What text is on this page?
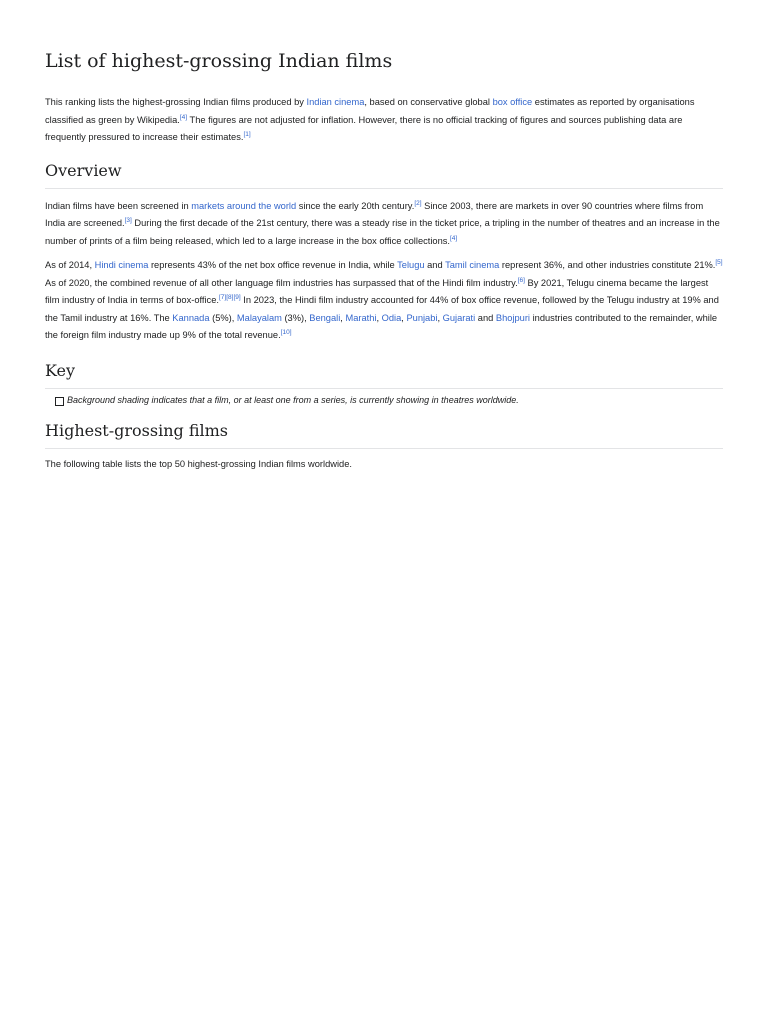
List of highest-grossing Indian films

This ranking lists the highest-grossing Indian films produced by Indian cinema, based on conservative global box office estimates as reported by organisations classified as green by Wikipedia.[4] The figures are not adjusted for inflation. However, there is no official tracking of figures and sources publishing data are frequently pressured to increase their estimates.[1]

Overview

Indian films have been screened in markets around the world since the early 20th century.[2] Since 2003, there are markets in over 90 countries where films from India are screened.[3] During the first decade of the 21st century, there was a steady rise in the ticket price, a tripling in the number of theatres and an increase in the number of prints of a film being released, which led to a large increase in the box office collections.[4]

As of 2014, Hindi cinema represents 43% of the net box office revenue in India, while Telugu and Tamil cinema represent 36%, and other industries constitute 21%.[5] As of 2020, the combined revenue of all other language film industries has surpassed that of the Hindi film industry.[6] By 2021, Telugu cinema became the largest film industry of India in terms of box-office.[7][8][9] In 2023, the Hindi film industry accounted for 44% of box office revenue, followed by the Telugu industry at 19% and the Tamil industry at 16%. The Kannada (5%), Malayalam (3%), Bengali, Marathi, Odia, Punjabi, Gujarati and Bhojpuri industries contributed to the remainder, while the foreign film industry made up 9% of the total revenue.[10]

Key
Background shading indicates that a film, or at least one from a series, is currently showing in theatres worldwide.
Highest-grossing films

The following table lists the top 50 highest-grossing Indian films worldwide.
